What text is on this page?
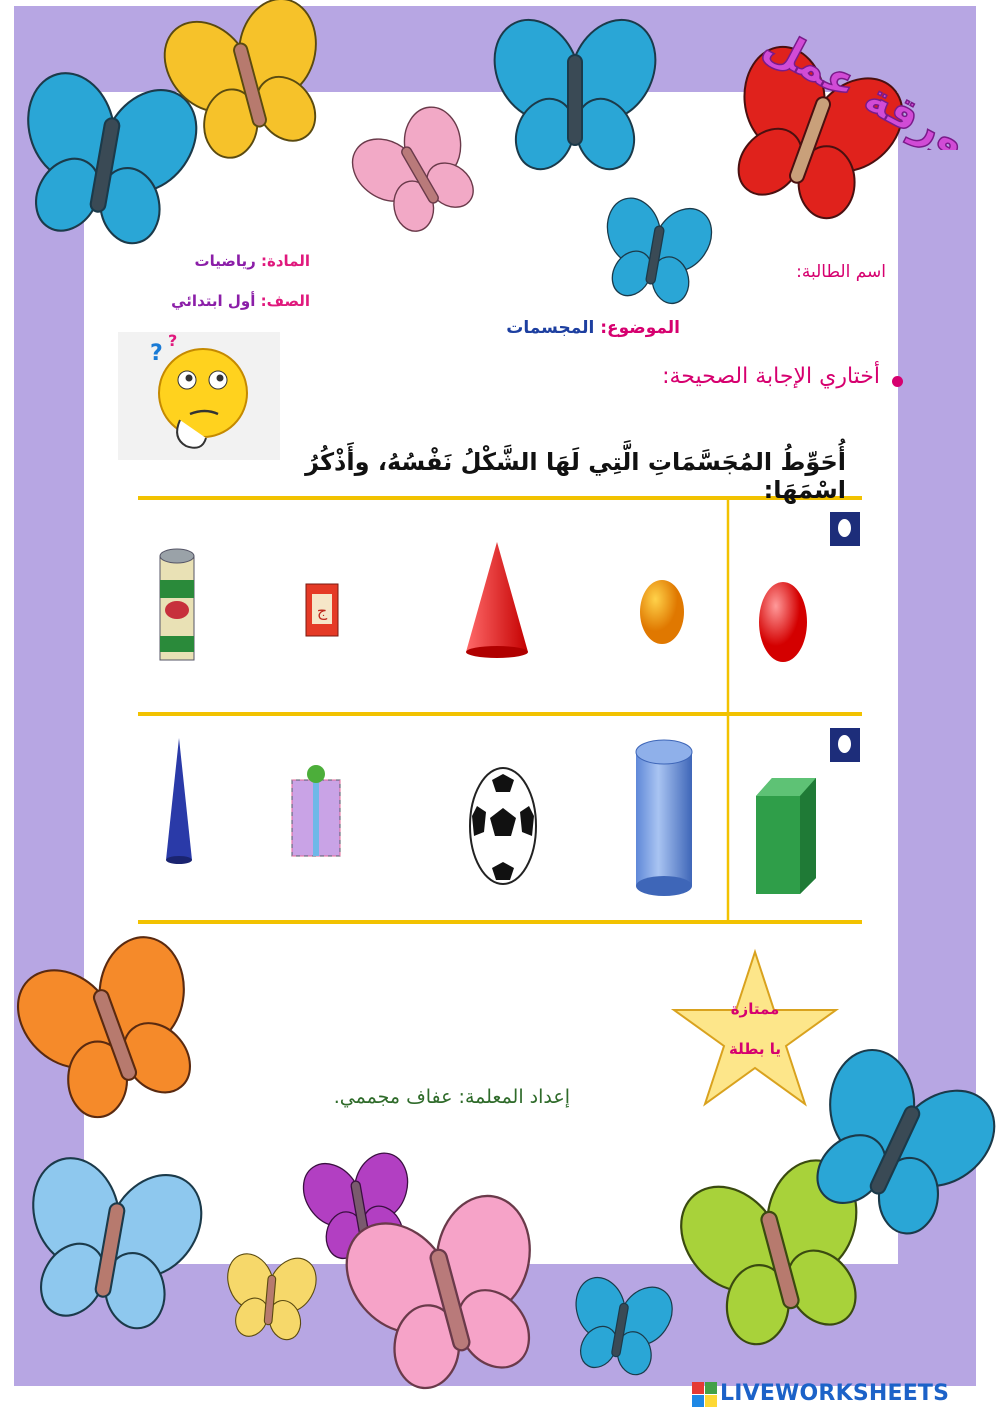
?
?
ج
ورقة عمل
المادة: رياضيات
الصف: أول ابتدائي
اسم الطالبة:
الموضوع: المجسمات
أختاري الإجابة الصحيحة:
أُحَوِّطُ المُجَسَّمَاتِ الَّتِي لَهَا الشَّكْلُ نَفْسُهُ، وأَذْكُرُ اسْمَهَا:
ممتازة
يا بطلة
إعداد المعلمة: عفاف مجممي.
LIVEWORKSHEETS
